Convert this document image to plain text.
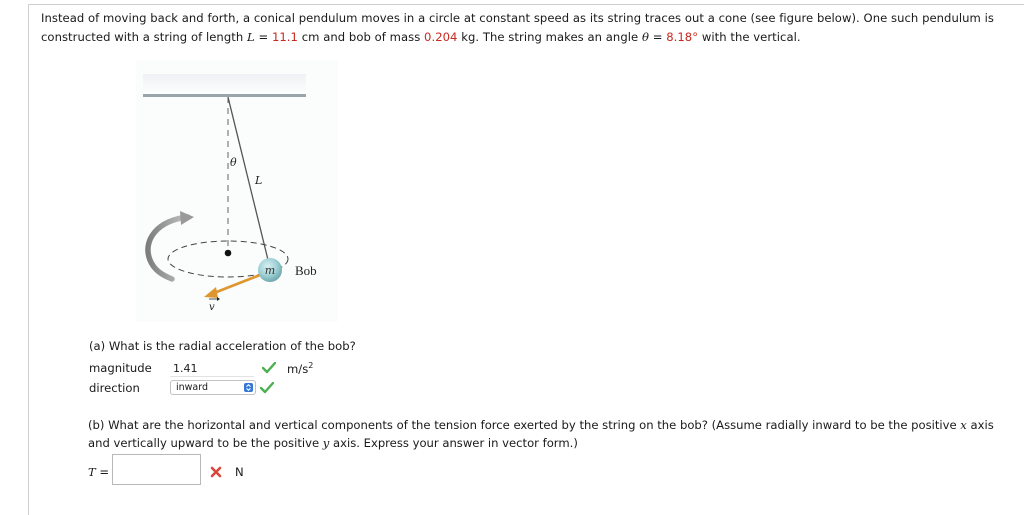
Instead of moving back and forth, a conical pendulum moves in a circle at constant speed as its string traces out a cone (see figure below). One such pendulum is constructed with a string of length L = 11.1 cm and bob of mass 0.204 kg. The string makes an angle θ = 8.18° with the vertical.
m Bob
θ
L
v
(a) What is the radial acceleration of the bob?
magnitude 1.41	$m/s^2$
direction	inward
(b) What are the horizontal and vertical components of the tension force exerted by the string on the bob? (Assume radially inward to be the positive x axis and vertically upward to be the positive y axis. Express your answer in vector form.)
T =	N
